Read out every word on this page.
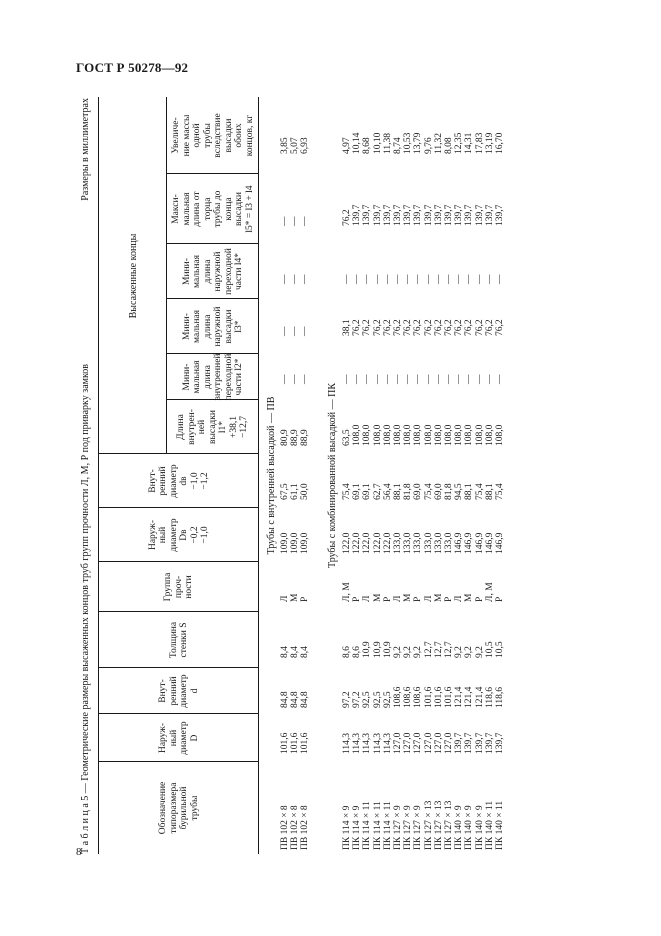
ГОСТ Р 50278—92
8
Т а б л и ц а 5 — Геометрические размеры высаженных концов труб групп прочности Л, М, Р под приварку замков
Размеры в миллиметрах
Высаженные концы
Обозначение типоразмера бурильной трубы
Наруж- ный диаметр D
Внут- ренний диаметр d
Толщина стенки S
Группа проч- ности
Наруж- ный диаметр Dв −0,2 −1,0
Внут- ренний диаметр dв −1,0 −1,2
Длина внутрен- ней высадки l1* +38,1 −12,7
Мини- мальная длина внутренней переходной части l2*
Мини- мальная длина наружной высадки l3*
Мини- мальная длина наружной переходной части l4*
Макси- мальная длина от торца трубы до конца высадки l5* = l3 + l4
Увеличе- ние массы одной трубы вследствие высадки обоих концов, кг
Трубы с внутренней высадкой — ПВ
ПВ 102 × 8
101,6
84,8
8,4
Л
109,0
67,5
80,9
—
—
—
—
3,85
ПВ 102 × 8
101,6
84,8
8,4
М
109,0
61,1
88,9
—
—
—
—
5,07
ПВ 102 × 8
101,6
84,8
8,4
Р
109,0
50,0
88,9
—
—
—
—
6,93
Трубы с комбинированной высадкой — ПК
ПК 114 × 9
114,3
97,2
8,6
Л, М
122,0
75,4
63,5
—
38,1
—
76,2
4,97
ПК 114 × 9
114,3
97,2
8,6
Р
122,0
69,1
108,0
—
76,2
—
139,7
10,14
ПК 114 × 11
114,3
92,5
10,9
Л
122,0
69,1
108,0
—
76,2
—
139,7
8,68
ПК 114 × 11
114,3
92,5
10,9
М
122,0
62,7
108,0
—
76,2
—
139,7
10,10
ПК 114 × 11
114,3
92,5
10,9
Р
122,0
56,4
108,0
—
76,2
—
139,7
11,38
ПК 127 × 9
127,0
108,6
9,2
Л
133,0
88,1
108,0
—
76,2
—
139,7
8,74
ПК 127 × 9
127,0
108,6
9,2
М
133,0
81,8
108,0
—
76,2
—
139,7
10,53
ПК 127 × 9
127,0
108,6
9,2
Р
133,0
69,0
108,0
—
76,2
—
139,7
13,79
ПК 127 × 13
127,0
101,6
12,7
Л
133,0
75,4
108,0
—
76,2
—
139,7
9,76
ПК 127 × 13
127,0
101,6
12,7
М
133,0
69,0
108,0
—
76,2
—
139,7
11,32
ПК 127 × 13
127,0
101,6
12,7
Р
133,0
81,8
108,0
—
76,2
—
139,7
8,08
ПК 140 × 9
139,7
121,4
9,2
Л
146,9
94,5
108,0
—
76,2
—
139,7
12,35
ПК 140 × 9
139,7
121,4
9,2
М
146,9
88,1
108,0
—
76,2
—
139,7
14,31
ПК 140 × 9
139,7
121,4
9,2
Р
146,9
75,4
108,0
—
76,2
—
139,7
17,83
ПК 140 × 11
139,7
118,6
10,5
Л, М
146,9
88,1
108,0
—
76,2
—
139,7
13,19
ПК 140 × 11
139,7
118,6
10,5
Р
146,9
75,4
108,0
—
76,2
—
139,7
16,70
